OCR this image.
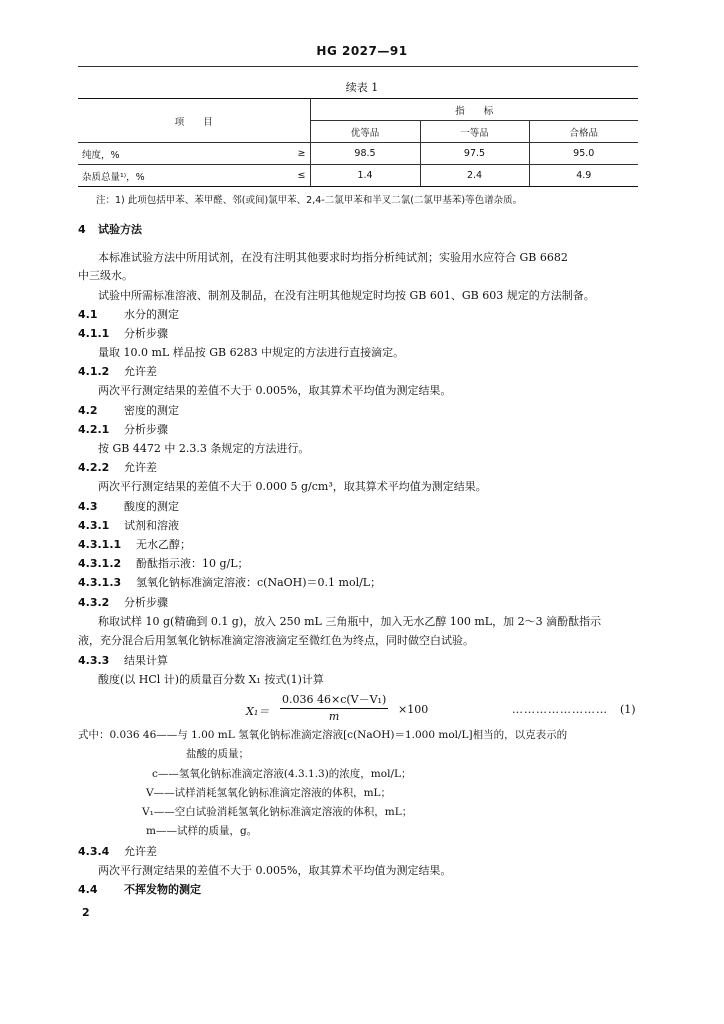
HG 2027—91
续表 1
项　　目	指　　标		
	优等品	一等品	合格品

纯度，% ≥	98.5	97.5	95.0

杂质总量¹⁾，% ≤	1.4	2.4	4.9
注：1) 此项包括甲苯、苯甲醛、邻(或间)氯甲苯、2,4-二氯甲苯和半叉二氯(二氯甲基苯)等色谱杂质。
4 试验方法
本标准试验方法中所用试剂，在没有注明其他要求时均指分析纯试剂；实验用水应符合 GB 6682
中三级水。
试验中所需标准溶液、制剂及制品，在没有注明其他规定时均按 GB 601、GB 603 规定的方法制备。
4.1 水分的测定
4.1.1 分析步骤
量取 10.0 mL 样品按 GB 6283 中规定的方法进行直接滴定。
4.1.2 允许差
两次平行测定结果的差值不大于 0.005%，取其算术平均值为测定结果。
4.2 密度的测定
4.2.1 分析步骤
按 GB 4472 中 2.3.3 条规定的方法进行。
4.2.2 允许差
两次平行测定结果的差值不大于 0.000 5 g/cm³，取其算术平均值为测定结果。
4.3 酸度的测定
4.3.1 试剂和溶液
4.3.1.1 无水乙醇；
4.3.1.2 酚酞指示液：10 g/L；
4.3.1.3 氢氧化钠标准滴定溶液：c(NaOH)＝0.1 mol/L；
4.3.2 分析步骤
称取试样 10 g(精确到 0.1 g)，放入 250 mL 三角瓶中，加入无水乙醇 100 mL，加 2～3 滴酚酞指示
液，充分混合后用氢氧化钠标准滴定溶液滴定至微红色为终点，同时做空白试验。
4.3.3 结果计算
酸度(以 HCl 计)的质量百分数 X₁ 按式(1)计算
$X_1= \frac{\text{0.036 46×c(V－V₁)}}{m} \times 100$	…………………… (1)
式中：0.036 46——与 1.00 mL 氢氧化钠标准滴定溶液[c(NaOH)＝1.000 mol/L]相当的，以克表示的
盐酸的质量；
c——氢氧化钠标准滴定溶液(4.3.1.3)的浓度，mol/L；
V——试样消耗氢氧化钠标准滴定溶液的体积，mL；
V₁——空白试验消耗氢氧化钠标准滴定溶液的体积，mL；
m——试样的质量，g。
4.3.4 允许差
两次平行测定结果的差值不大于 0.005%，取其算术平均值为测定结果。
4.4 不挥发物的测定
2
